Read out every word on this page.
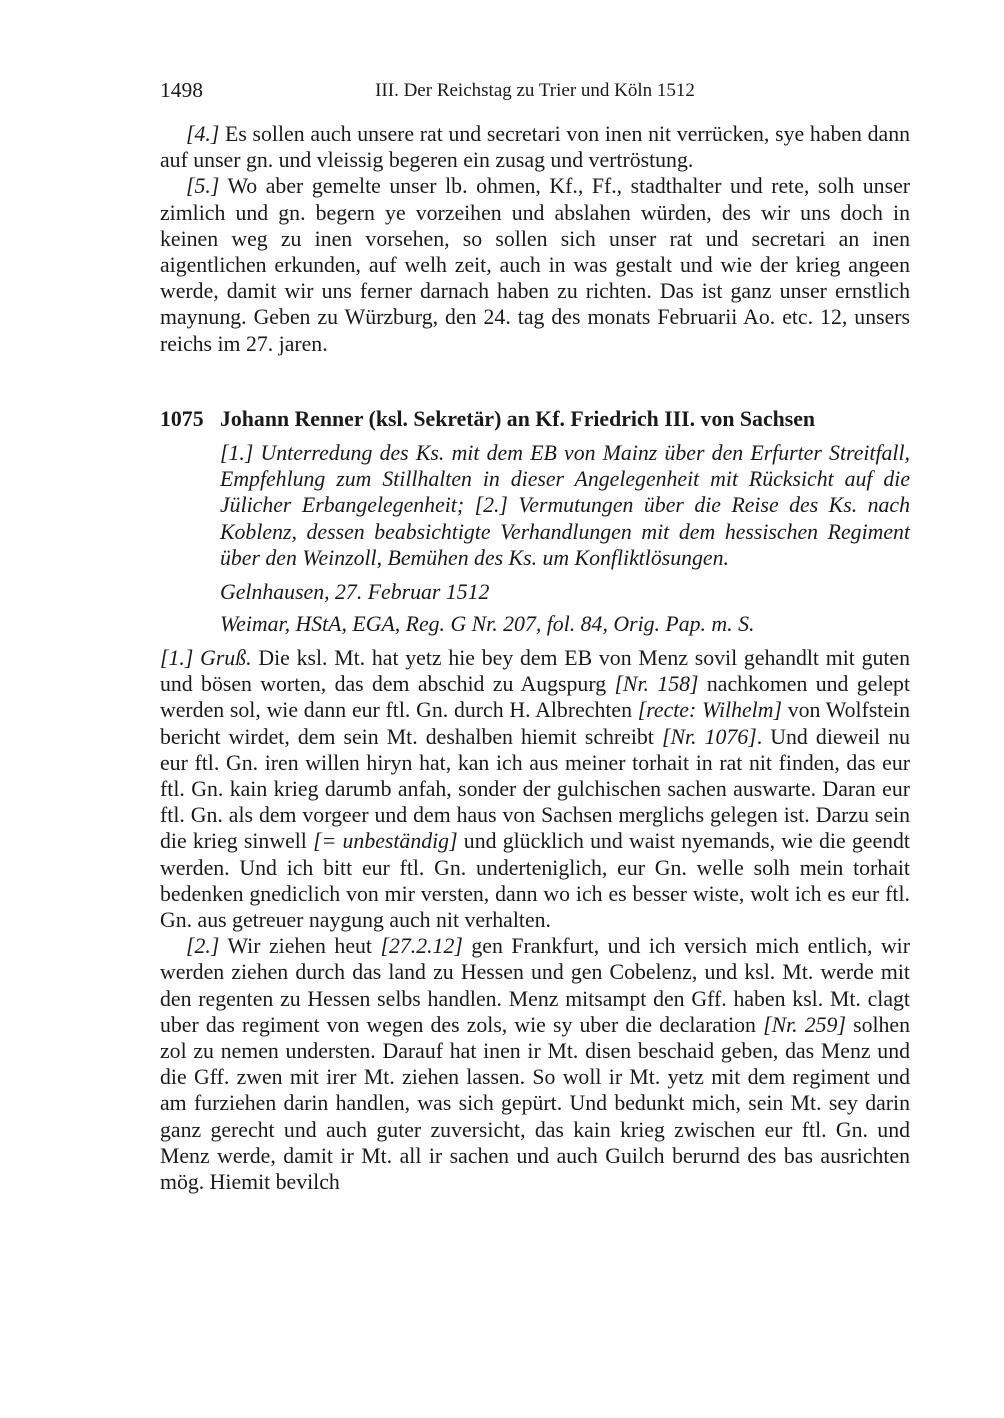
1498	III. Der Reichstag zu Trier und Köln 1512

[4.] Es sollen auch unsere rat und secretari von inen nit verrücken, sye haben dann auf unser gn. und vleissig begeren ein zusag und vertröstung.

[5.] Wo aber gemelte unser lb. ohmen, Kf., Ff., stadthalter und rete, solh unser zimlich und gn. begern ye vorzeihen und abslahen würden, des wir uns doch in keinen weg zu inen vorsehen, so sollen sich unser rat und secretari an inen aigentlichen erkunden, auf welh zeit, auch in was gestalt und wie der krieg angeen werde, damit wir uns ferner darnach haben zu richten. Das ist ganz unser ernstlich maynung. Geben zu Würzburg, den 24. tag des monats Februarii Ao. etc. 12, unsers reichs im 27. jaren.

1075 Johann Renner (ksl. Sekretär) an Kf. Friedrich III. von Sachsen
[1.] Unterredung des Ks. mit dem EB von Mainz über den Erfurter Streitfall, Empfehlung zum Stillhalten in dieser Angelegenheit mit Rücksicht auf die Jülicher Erbangelegenheit; [2.] Vermutungen über die Reise des Ks. nach Koblenz, dessen beabsichtigte Verhandlungen mit dem hessischen Regiment über den Weinzoll, Bemühen des Ks. um Konfliktlösungen.
Gelnhausen, 27. Februar 1512
Weimar, HStA, EGA, Reg. G Nr. 207, fol. 84, Orig. Pap. m. S.

[1.] Gruß. Die ksl. Mt. hat yetz hie bey dem EB von Menz sovil gehandlt mit guten und bösen worten, das dem abschid zu Augspurg [Nr. 158] nachkomen und gelept werden sol, wie dann eur ftl. Gn. durch H. Albrechten [recte: Wilhelm] von Wolfstein bericht wirdet, dem sein Mt. deshalben hiemit schreibt [Nr. 1076]. Und dieweil nu eur ftl. Gn. iren willen hiryn hat, kan ich aus meiner torhait in rat nit finden, das eur ftl. Gn. kain krieg darumb anfah, sonder der gulchischen sachen auswarte. Daran eur ftl. Gn. als dem vorgeer und dem haus von Sachsen merglichs gelegen ist. Darzu sein die krieg sinwell [= unbeständig] und glücklich und waist nyemands, wie die geendt werden. Und ich bitt eur ftl. Gn. underteniglich, eur Gn. welle solh mein torhait bedenken gnediclich von mir versten, dann wo ich es besser wiste, wolt ich es eur ftl. Gn. aus getreuer naygung auch nit verhalten.

[2.] Wir ziehen heut [27.2.12] gen Frankfurt, und ich versich mich entlich, wir werden ziehen durch das land zu Hessen und gen Cobelenz, und ksl. Mt. werde mit den regenten zu Hessen selbs handlen. Menz mitsampt den Gff. haben ksl. Mt. clagt uber das regiment von wegen des zols, wie sy uber die declaration [Nr. 259] solhen zol zu nemen understen. Darauf hat inen ir Mt. disen beschaid geben, das Menz und die Gff. zwen mit irer Mt. ziehen lassen. So woll ir Mt. yetz mit dem regiment und am furziehen darin handlen, was sich gepürt. Und bedunkt mich, sein Mt. sey darin ganz gerecht und auch guter zuversicht, das kain krieg zwischen eur ftl. Gn. und Menz werde, damit ir Mt. all ir sachen und auch Guilch berurnd des bas ausrichten mög. Hiemit bevilch
